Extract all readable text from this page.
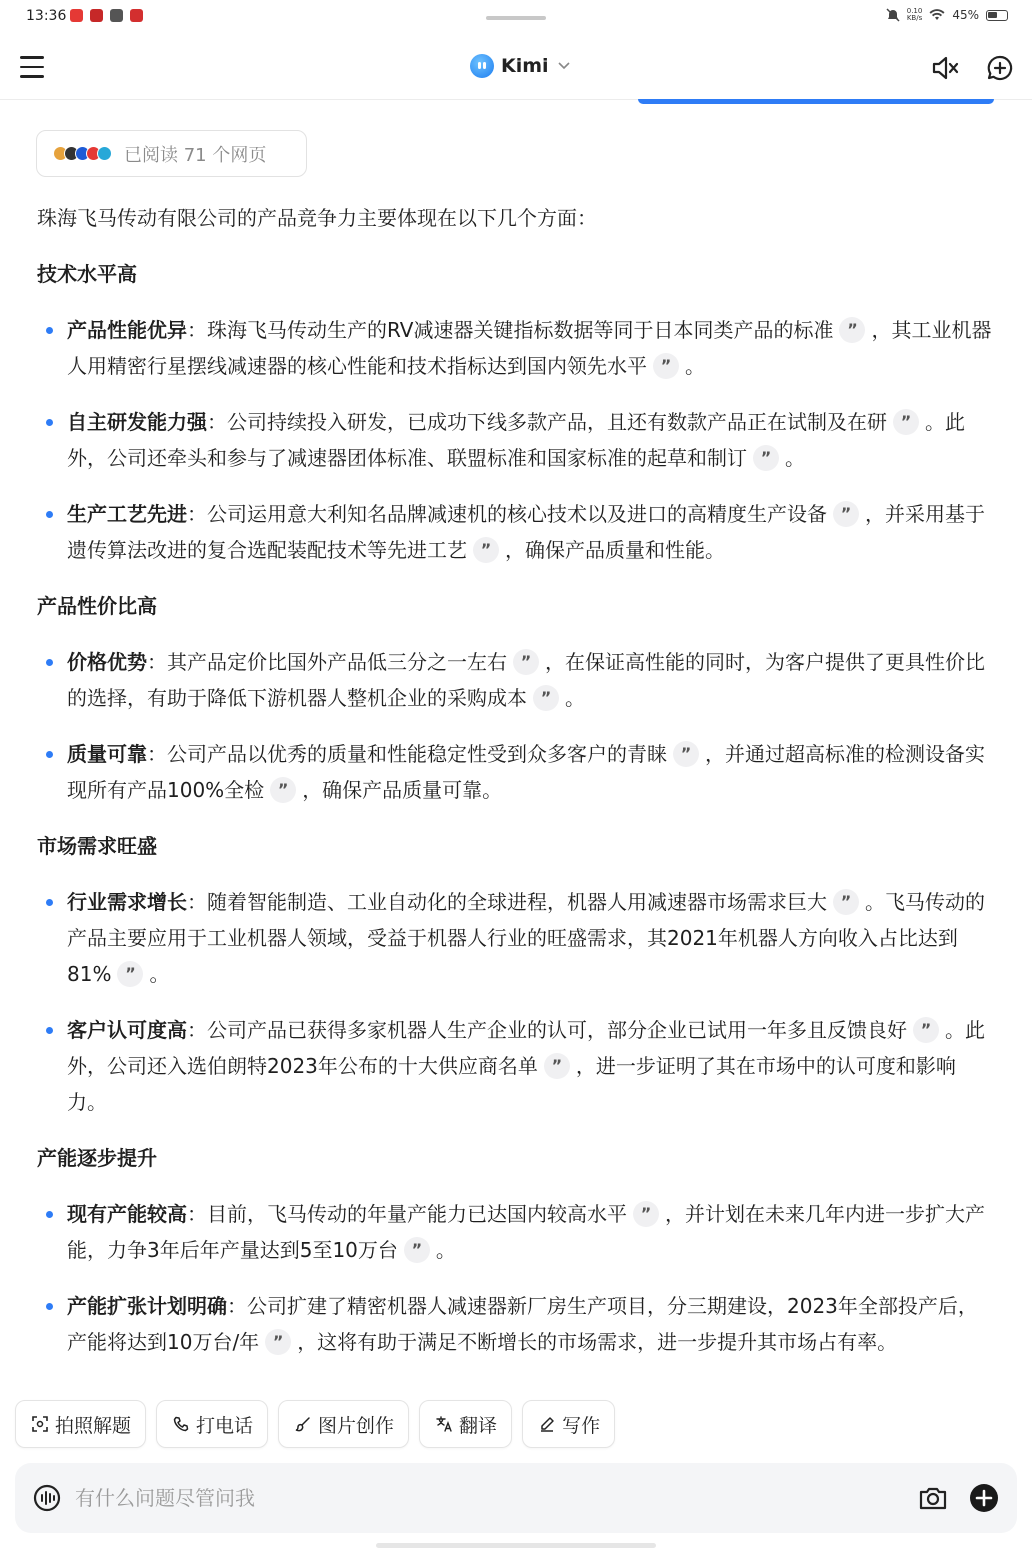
13:36	0.10
KB/s	45%
Kimi
已阅读 71 个网页

珠海飞马传动有限公司的产品竞争力主要体现在以下几个方面：

技术水平高

产品性能优异：珠海飞马传动生产的RV减速器关键指标数据等同于日本同类产品的标准 ” ，其工业机器人用精密行星摆线减速器的核心性能和技术指标达到国内领先水平 ” 。
自主研发能力强：公司持续投入研发，已成功下线多款产品，且还有数款产品正在试制及在研 ” 。此外，公司还牵头和参与了减速器团体标准、联盟标准和国家标准的起草和制订 ” 。
生产工艺先进：公司运用意大利知名品牌减速机的核心技术以及进口的高精度生产设备 ” ，并采用基于遗传算法改进的复合选配装配技术等先进工艺 ” ，确保产品质量和性能。

产品性价比高

价格优势：其产品定价比国外产品低三分之一左右 ” ，在保证高性能的同时，为客户提供了更具性价比的选择，有助于降低下游机器人整机企业的采购成本 ” 。
质量可靠：公司产品以优秀的质量和性能稳定性受到众多客户的青睐 ” ，并通过超高标准的检测设备实现所有产品100%全检 ” ，确保产品质量可靠。

市场需求旺盛

行业需求增长：随着智能制造、工业自动化的全球进程，机器人用减速器市场需求巨大 ” 。飞马传动的产品主要应用于工业机器人领域，受益于机器人行业的旺盛需求，其2021年机器人方向收入占比达到81% ” 。
客户认可度高：公司产品已获得多家机器人生产企业的认可，部分企业已试用一年多且反馈良好 ” 。此外，公司还入选伯朗特2023年公布的十大供应商名单 ” ，进一步证明了其在市场中的认可度和影响力。

产能逐步提升

现有产能较高：目前，飞马传动的年量产能力已达国内较高水平 ” ，并计划在未来几年内进一步扩大产能，力争3年后年产量达到5至10万台 ” 。
产能扩张计划明确：公司扩建了精密机器人减速器新厂房生产项目，分三期建设，2023年全部投产后，产能将达到10万台/年 ” ，这将有助于满足不断增长的市场需求，进一步提升其市场占有率。
拍照解题	打电话	图片创作	翻译	写作
有什么问题尽管问我
